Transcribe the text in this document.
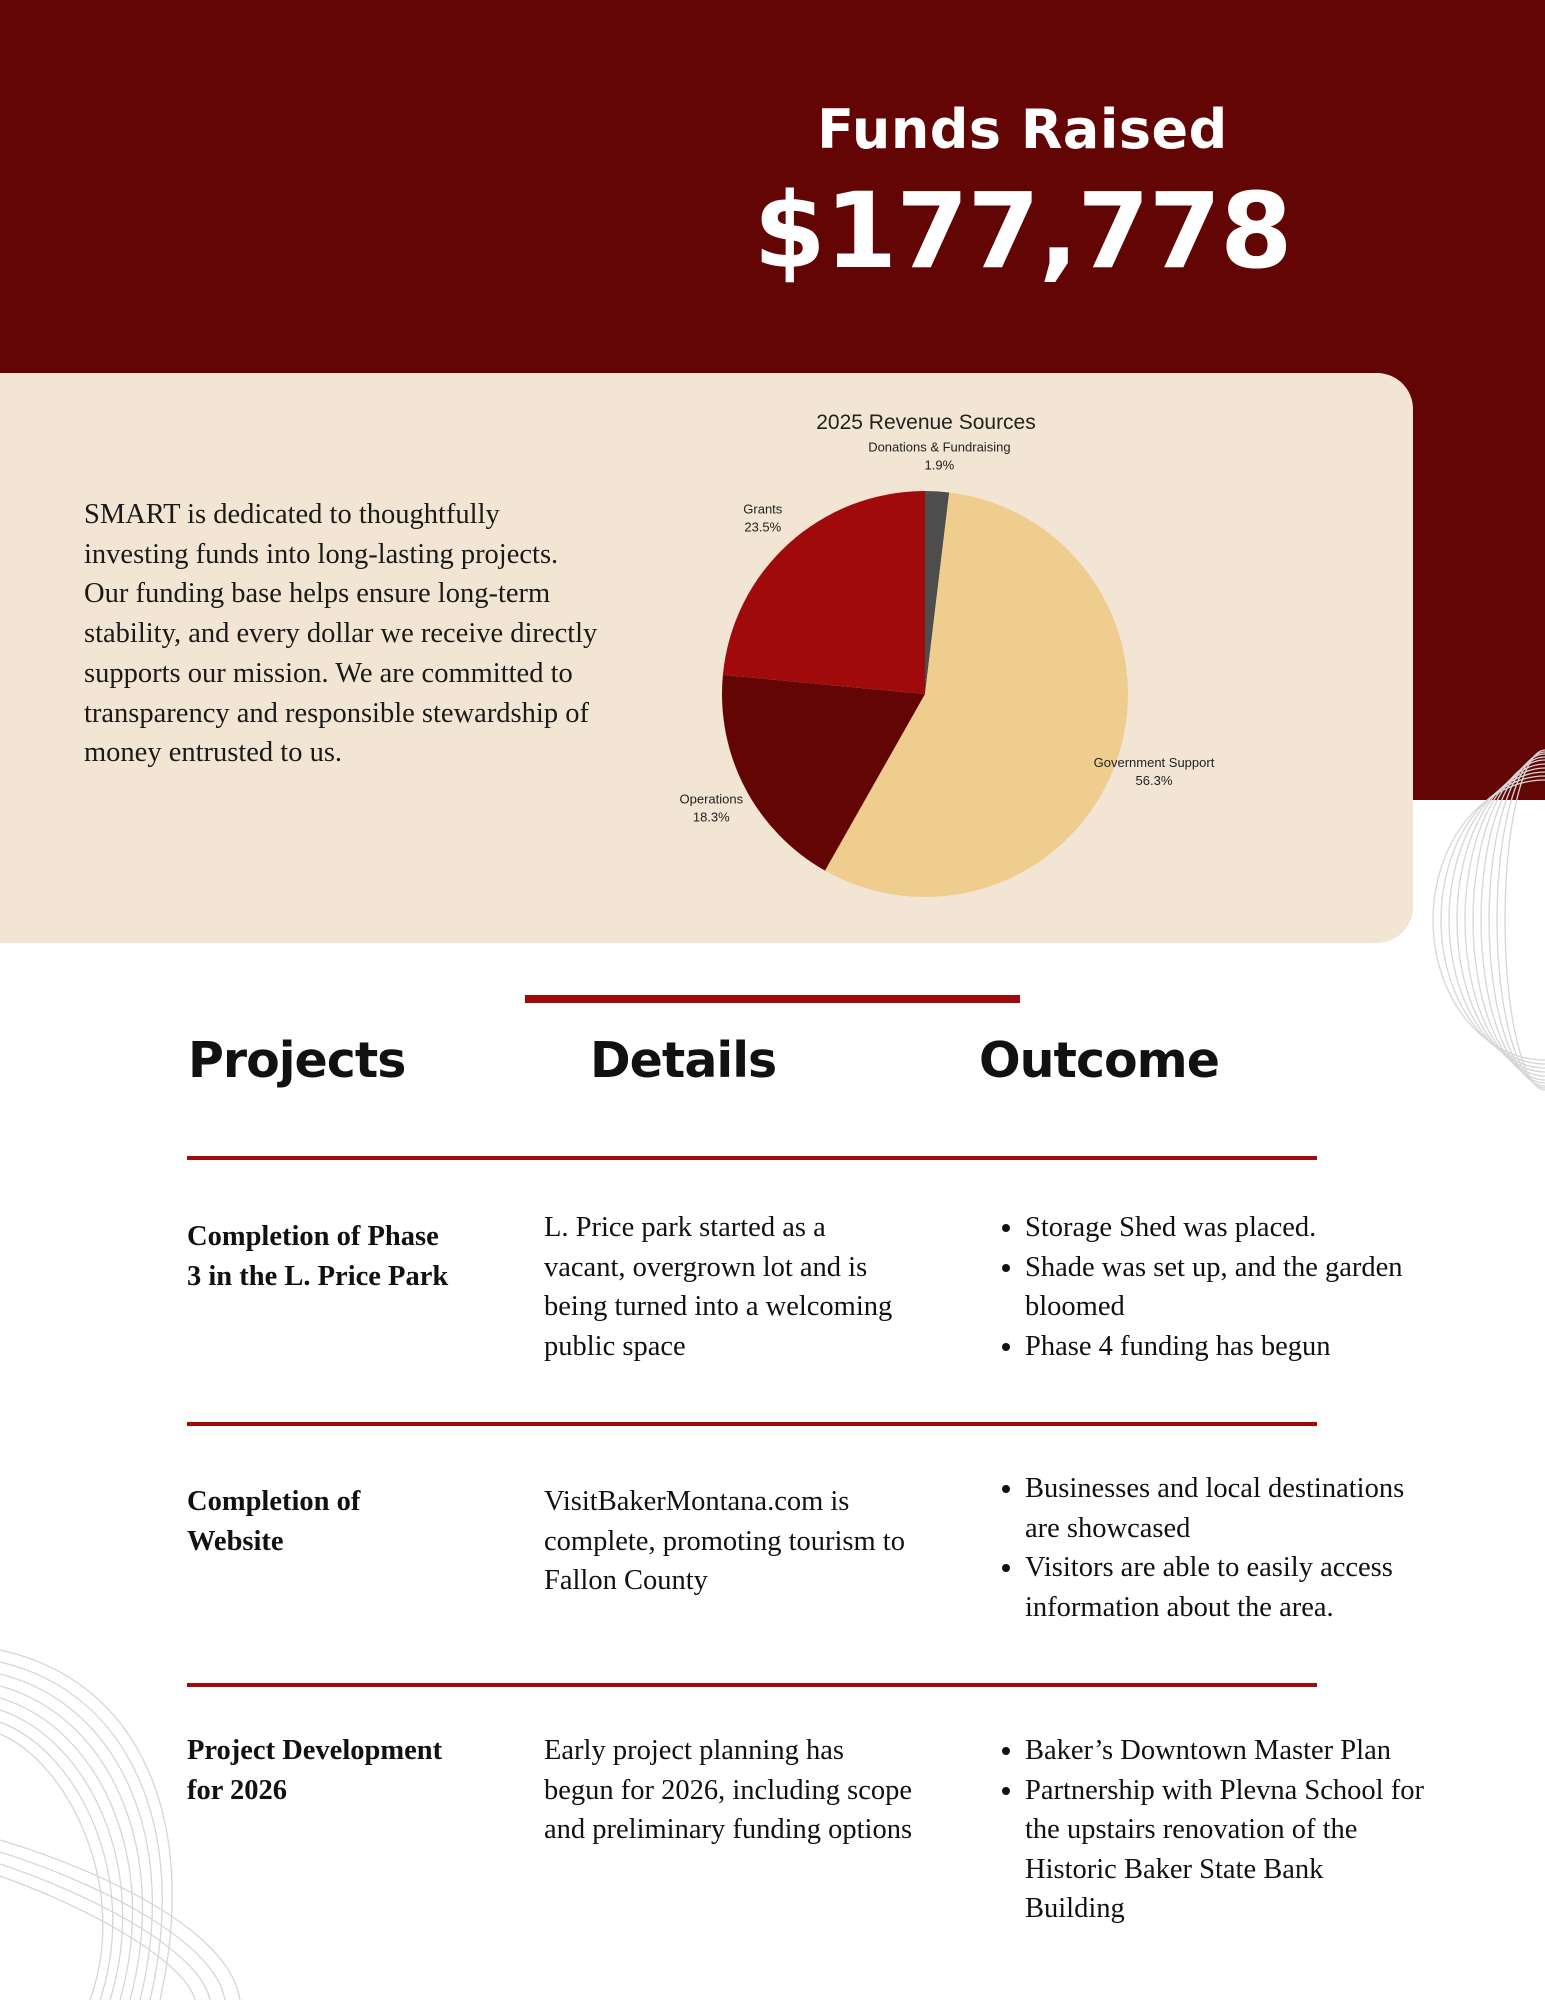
Funds Raised
$177,778
SMART is dedicated to thoughtfully investing funds into long-lasting projects. Our funding base helps ensure long-term stability, and every dollar we receive directly supports our mission. We are committed to transparency and responsible stewardship of money entrusted to us.
2025 Revenue Sources
Donations & Fundraising
1.9%
Government Support
56.3%
Operations
18.3%
Grants
23.5%
Projects	Details	Outcome
Completion of Phase 3 in the L. Price Park
L. Price park started as a vacant, overgrown lot and is being turned into a welcoming public space
• Storage Shed was placed.
• Shade was set up, and the garden bloomed
• Phase 4 funding has begun
Completion of Website
VisitBakerMontana.com is complete, promoting tourism to Fallon County
• Businesses and local destinations are showcased
• Visitors are able to easily access information about the area.
Project Development for 2026
Early project planning has begun for 2026, including scope and preliminary funding options
• Baker’s Downtown Master Plan
• Partnership with Plevna School for the upstairs renovation of the Historic Baker State Bank Building
